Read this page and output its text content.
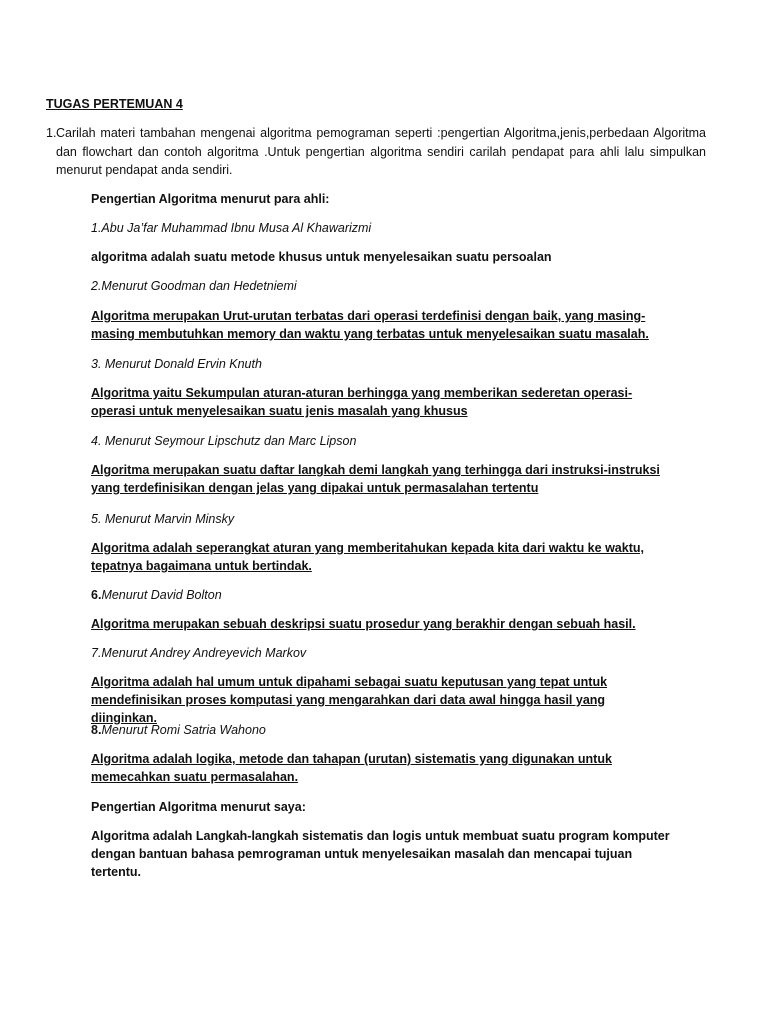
TUGAS PERTEMUAN 4
1. Carilah materi tambahan mengenai algoritma pemograman seperti :pengertian Algoritma,jenis,perbedaan Algoritma dan flowchart dan contoh algoritma .Untuk pengertian algoritma sendiri carilah pendapat para ahli lalu simpulkan menurut pendapat anda sendiri.
Pengertian Algoritma menurut para ahli:
1.Abu Ja’far Muhammad Ibnu Musa Al Khawarizmi
algoritma adalah suatu metode khusus untuk menyelesaikan suatu persoalan
2.Menurut Goodman dan Hedetniemi
Algoritma merupakan Urut-urutan terbatas dari operasi terdefinisi dengan baik, yang masing-masing membutuhkan memory dan waktu yang terbatas untuk menyelesaikan suatu masalah.
3. Menurut Donald Ervin Knuth
Algoritma yaitu Sekumpulan aturan-aturan berhingga yang memberikan sederetan operasi-operasi untuk menyelesaikan suatu jenis masalah yang khusus
4. Menurut Seymour Lipschutz dan Marc Lipson
Algoritma merupakan suatu daftar langkah demi langkah yang terhingga dari instruksi-instruksi yang terdefinisikan dengan jelas yang dipakai untuk permasalahan tertentu
5. Menurut Marvin Minsky
Algoritma adalah seperangkat aturan yang memberitahukan kepada kita dari waktu ke waktu, tepatnya bagaimana untuk bertindak.
6.Menurut David Bolton
Algoritma merupakan sebuah deskripsi suatu prosedur yang berakhir dengan sebuah hasil.
7.Menurut Andrey Andreyevich Markov
Algoritma adalah hal umum untuk dipahami sebagai suatu keputusan yang tepat untuk mendefinisikan proses komputasi yang mengarahkan dari data awal hingga hasil yang diinginkan.
8.Menurut Romi Satria Wahono
Algoritma adalah logika, metode dan tahapan (urutan) sistematis yang digunakan untuk memecahkan suatu permasalahan.
Pengertian Algoritma menurut saya:
Algoritma adalah Langkah-langkah sistematis dan logis untuk membuat suatu program komputer dengan bantuan bahasa pemrograman untuk menyelesaikan masalah dan mencapai tujuan tertentu.
